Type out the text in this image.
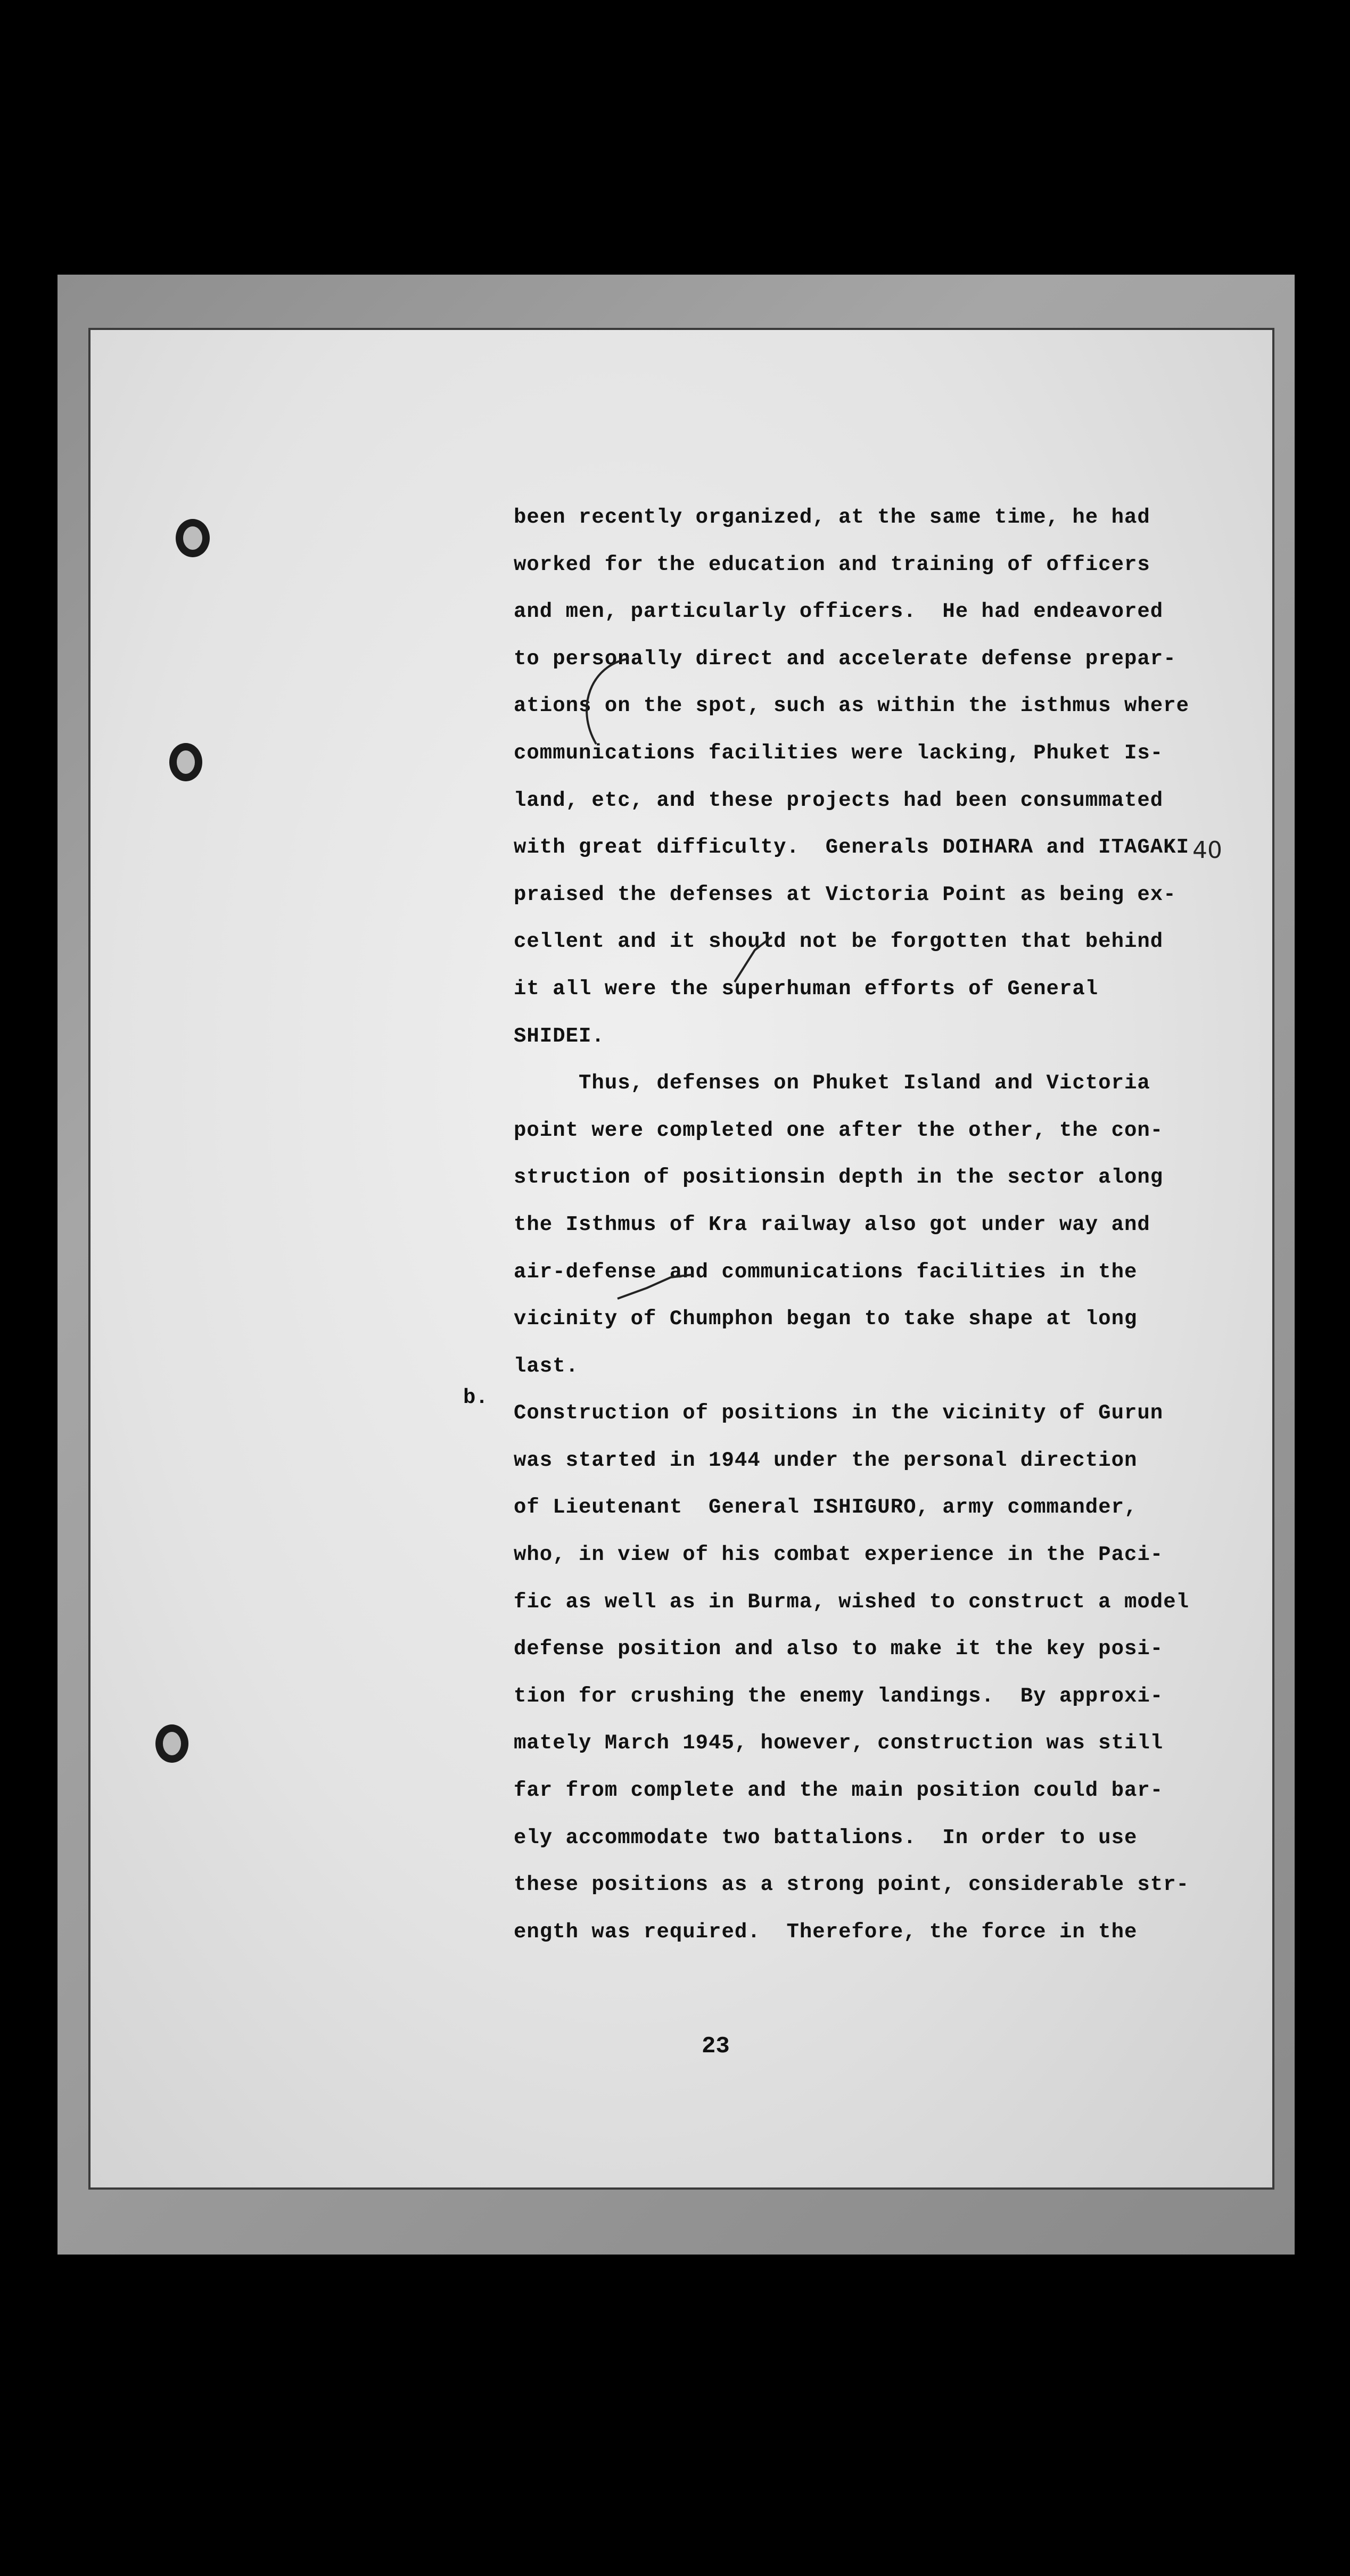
40
been recently organized, at the same time, he had
worked for the education and training of officers
and men, particularly officers.  He had endeavored
to personally direct and accelerate defense prepar-
ations on the spot, such as within the isthmus where
communications facilities were lacking, Phuket Is-
land, etc, and these projects had been consummated
with great difficulty.  Generals DOIHARA and ITAGAKI
praised the defenses at Victoria Point as being ex-
cellent and it should not be forgotten that behind
it all were the superhuman efforts of General
SHIDEI.
Thus, defenses on Phuket Island and Victoria
point were completed one after the other, the con-
struction of positionsin depth in the sector along
the Isthmus of Kra railway also got under way and
air-defense and communications facilities in the
vicinity of Chumphon began to take shape at long
last.
Construction of positions in the vicinity of Gurun
was started in 1944 under the personal direction
of Lieutenant  General ISHIGURO, army commander,
who, in view of his combat experience in the Paci-
fic as well as in Burma, wished to construct a model
defense position and also to make it the key posi-
tion for crushing the enemy landings.  By approxi-
mately March 1945, however, construction was still
far from complete and the main position could bar-
ely accommodate two battalions.  In order to use
these positions as a strong point, considerable str-
ength was required.  Therefore, the force in the
b.
23
